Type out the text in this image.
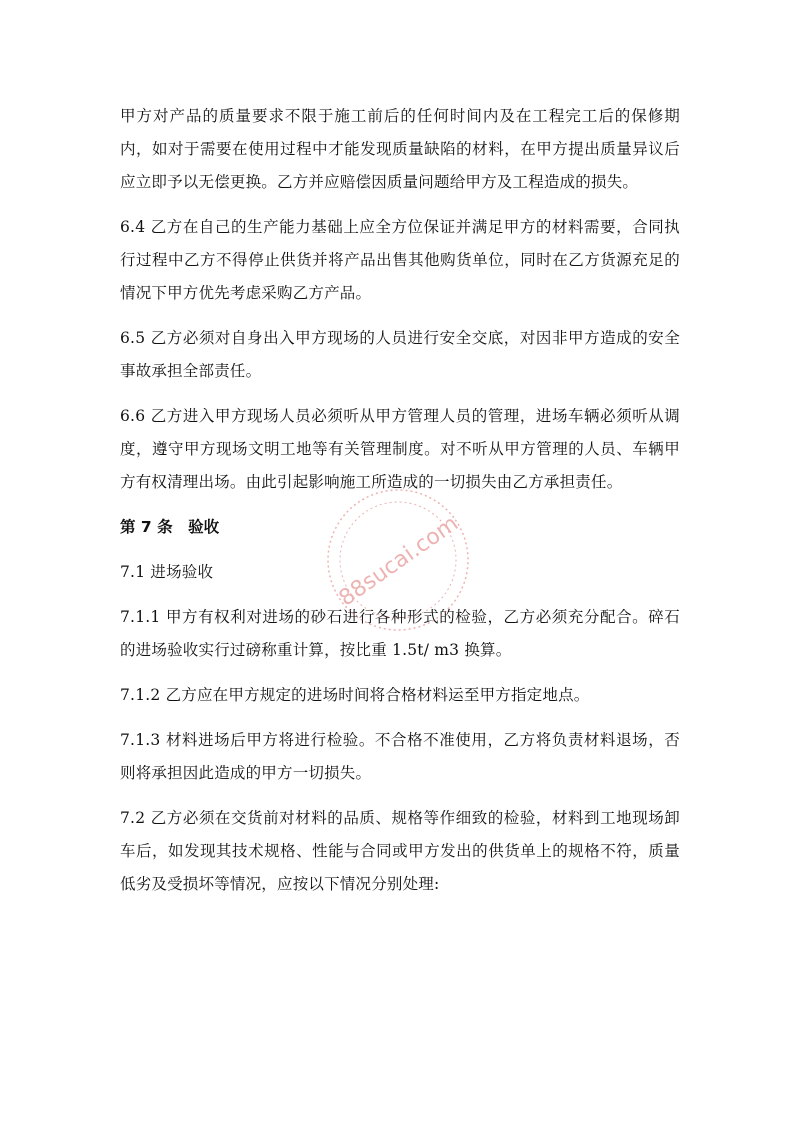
甲方对产品的质量要求不限于施工前后的任何时间内及在工程完工后的保修期内，如对于需要在使用过程中才能发现质量缺陷的材料，在甲方提出质量异议后应立即予以无偿更换。乙方并应赔偿因质量问题给甲方及工程造成的损失。

6.4 乙方在自己的生产能力基础上应全方位保证并满足甲方的材料需要，合同执行过程中乙方不得停止供货并将产品出售其他购货单位，同时在乙方货源充足的情况下甲方优先考虑采购乙方产品。

6.5 乙方必须对自身出入甲方现场的人员进行安全交底，对因非甲方造成的安全事故承担全部责任。

6.6 乙方进入甲方现场人员必须听从甲方管理人员的管理，进场车辆必须听从调度，遵守甲方现场文明工地等有关管理制度。对不听从甲方管理的人员、车辆甲方有权清理出场。由此引起影响施工所造成的一切损失由乙方承担责任。

第 7 条　验收

7.1 进场验收

7.1.1 甲方有权利对进场的砂石进行各种形式的检验，乙方必须充分配合。碎石的进场验收实行过磅称重计算，按比重 1.5t/ m3 换算。

7.1.2 乙方应在甲方规定的进场时间将合格材料运至甲方指定地点。

7.1.3 材料进场后甲方将进行检验。不合格不准使用，乙方将负责材料退场，否则将承担因此造成的甲方一切损失。

7.2 乙方必须在交货前对材料的品质、规格等作细致的检验，材料到工地现场卸车后，如发现其技术规格、性能与合同或甲方发出的供货单上的规格不符，质量低劣及受损坏等情况，应按以下情况分别处理:

88sucai.com
